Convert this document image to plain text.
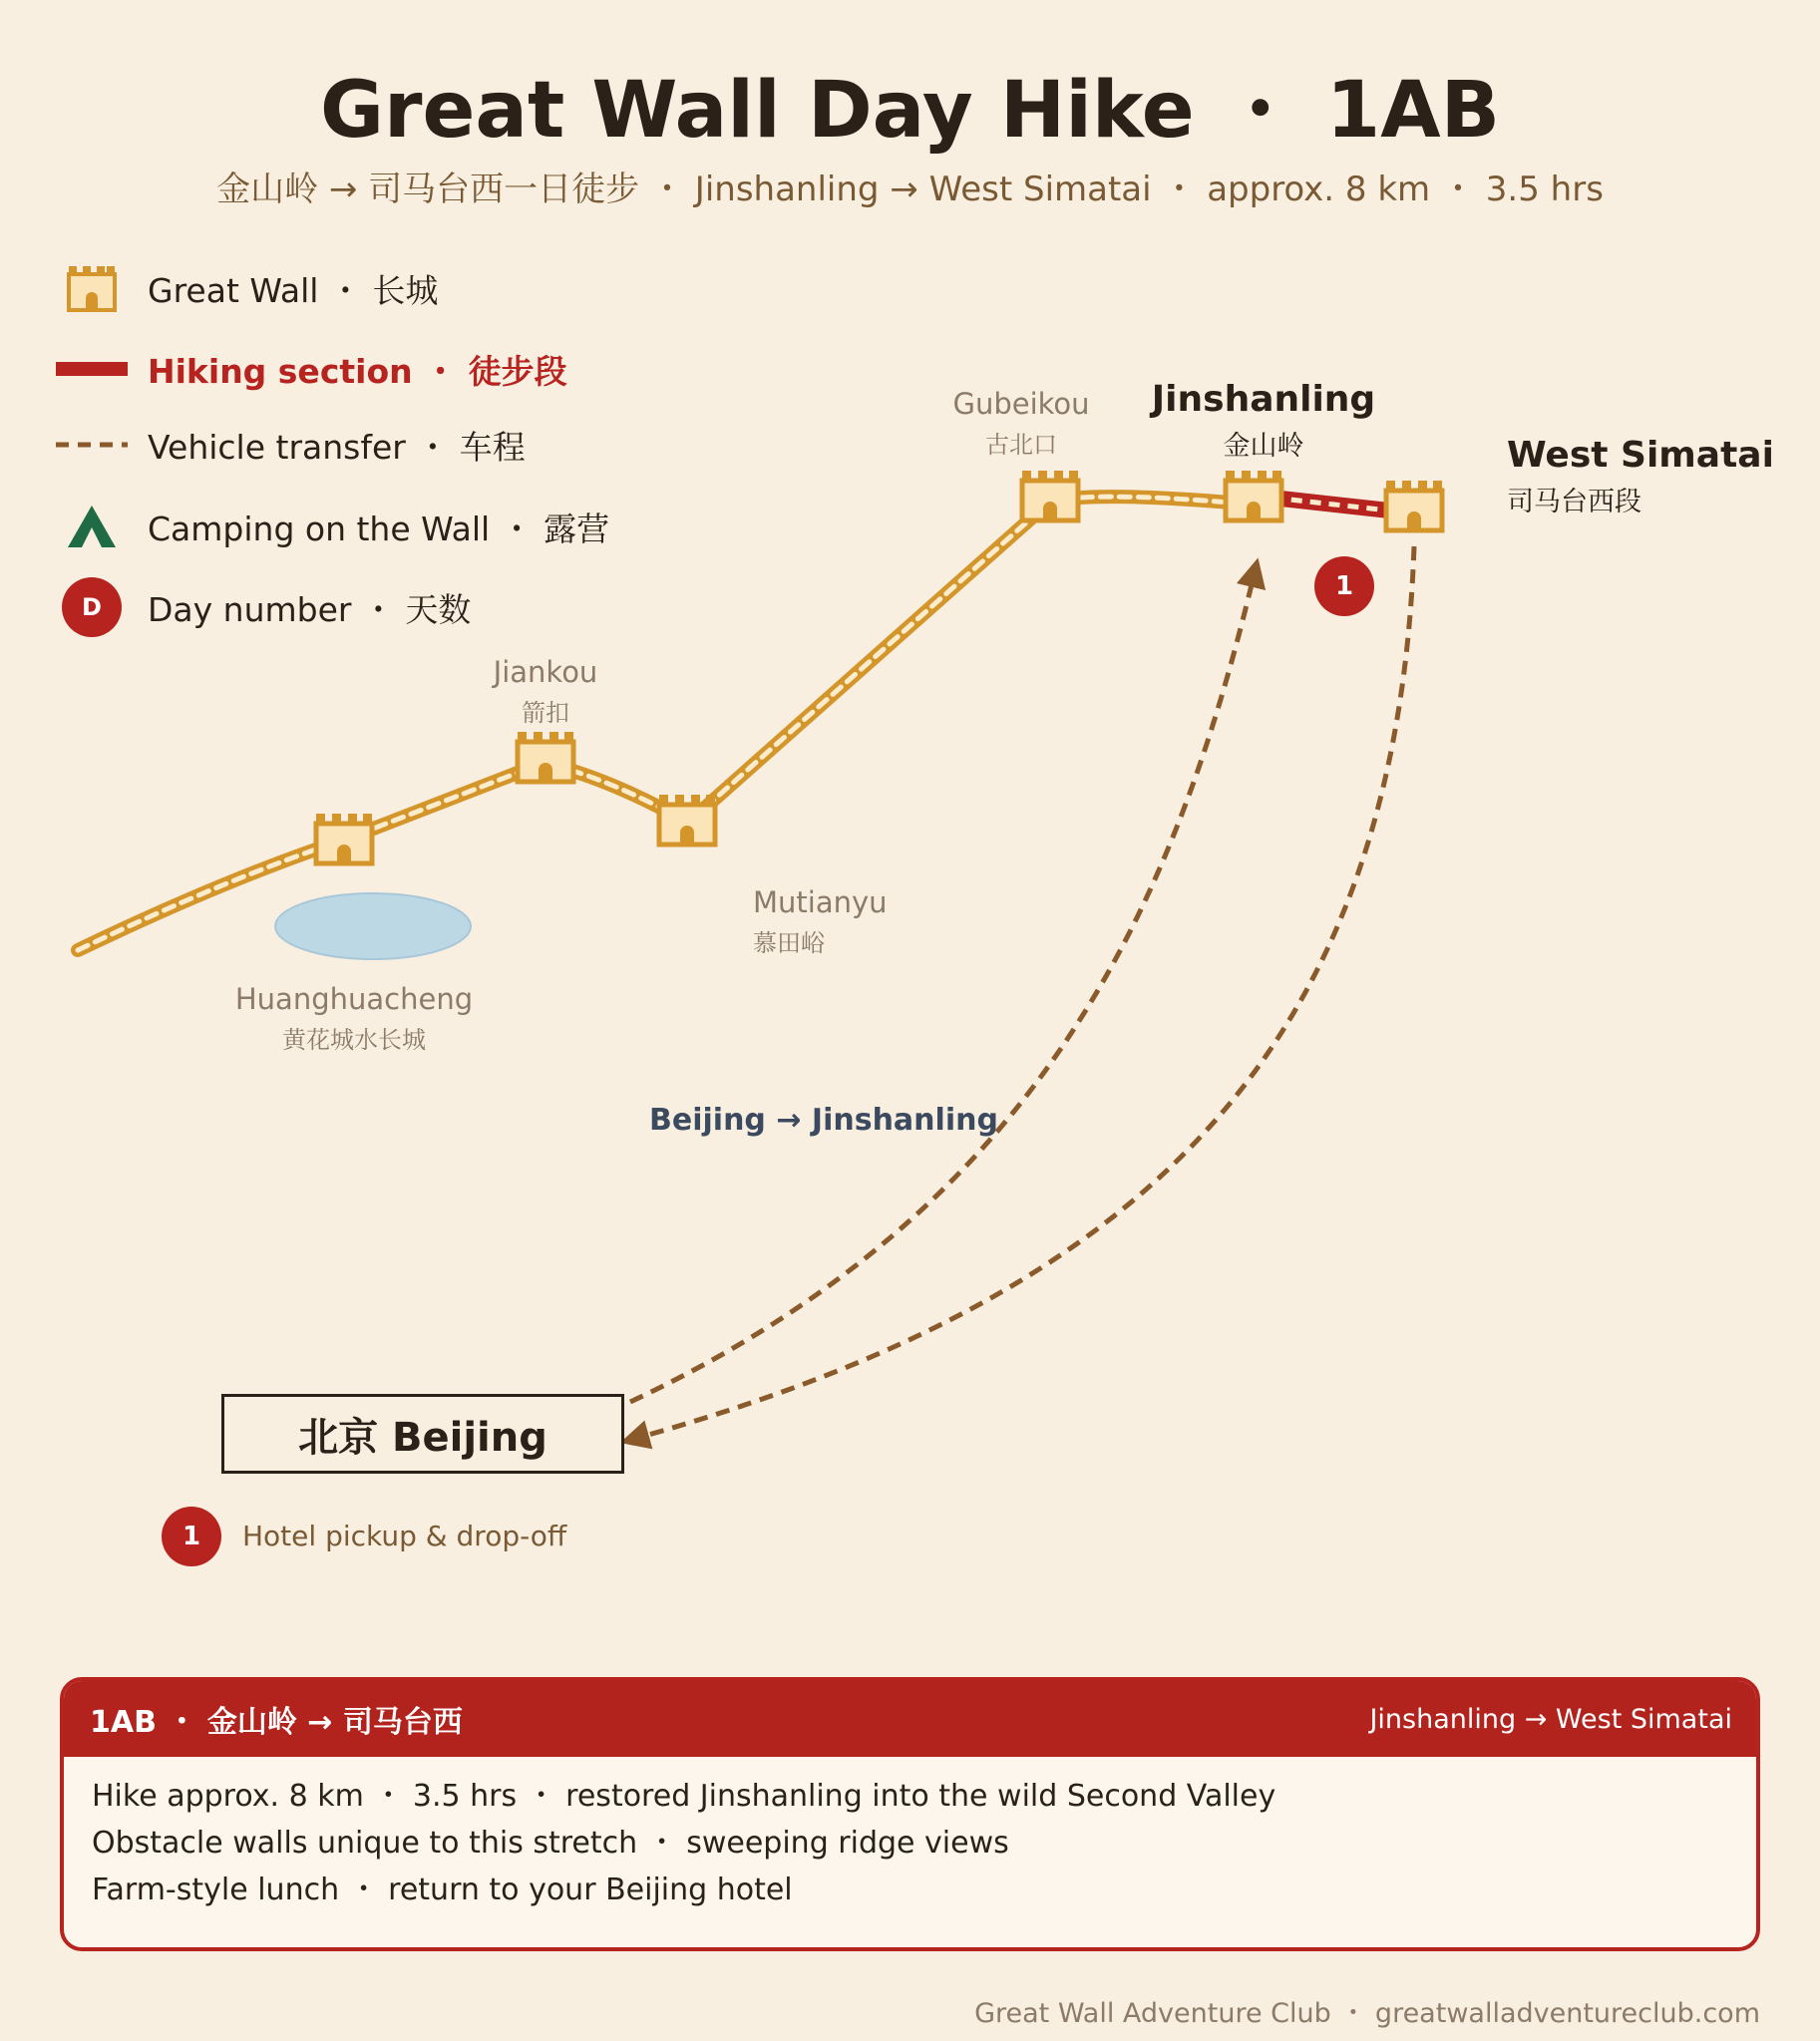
Great Wall Day Hike ・ 1AB
金山岭 → 司马台西一日徒步 ・ Jinshanling → West Simatai ・ approx. 8 km ・ 3.5 hrs
Great Wall ・ 长城
Hiking section ・ 徒步段
Vehicle transfer ・ 车程
Camping on the Wall ・ 露营
D	Day number ・ 天数
Huanghuacheng
黄花城水长城
Jiankou
箭扣
Mutianyu
慕田峪
Gubeikou
古北口
Jinshanling
金山岭	West Simatai
司马台西段
Beijing → Jinshanling
1
北京 Beijing
1	Hotel pickup & drop-off
1AB ・ 金山岭 → 司马台西	Jinshanling → West Simatai
Hike approx. 8 km ・ 3.5 hrs ・ restored Jinshanling into the wild Second Valley
Obstacle walls unique to this stretch ・ sweeping ridge views
Farm-style lunch ・ return to your Beijing hotel
Great Wall Adventure Club ・ greatwalladventureclub.com
